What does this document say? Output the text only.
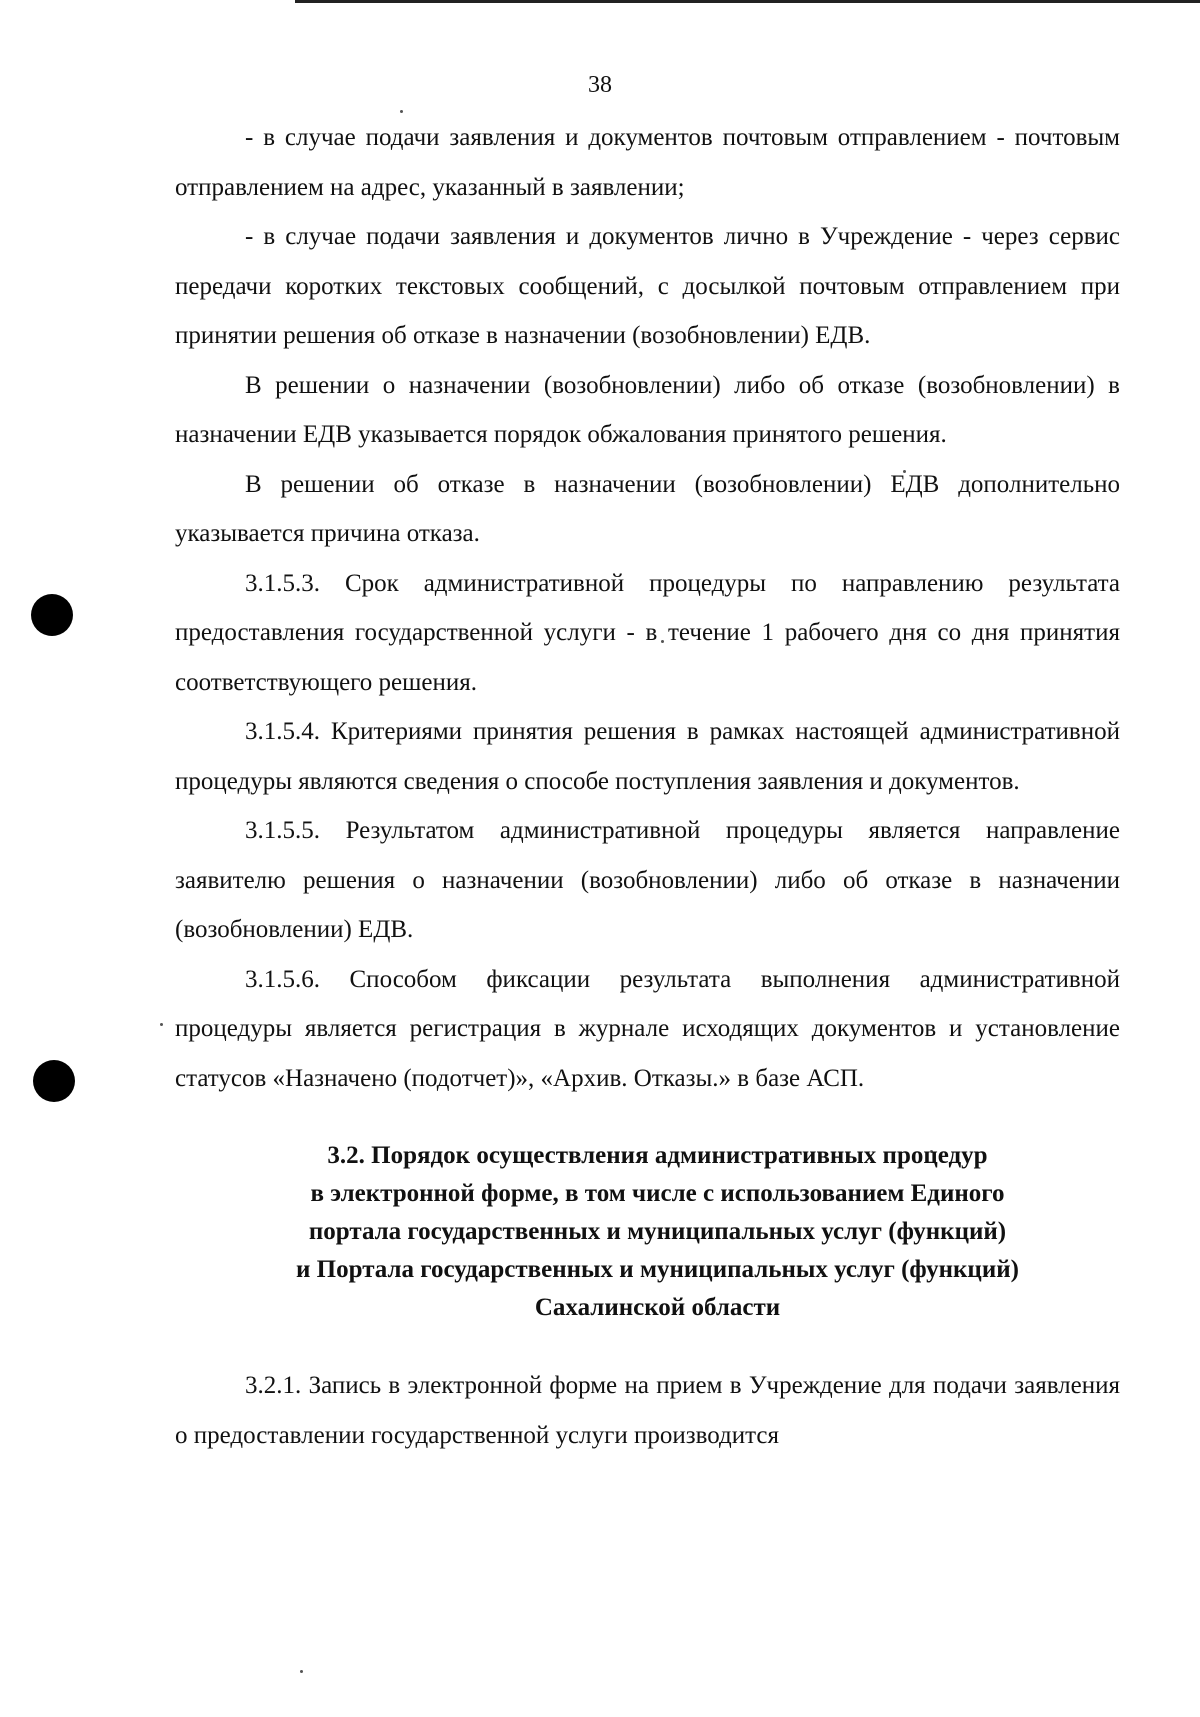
38

- в случае подачи заявления и документов почтовым отправлением - почтовым отправлением на адрес, указанный в заявлении;

- в случае подачи заявления и документов лично в Учреждение - через сервис передачи коротких текстовых сообщений, с досылкой почтовым отправлением при принятии решения об отказе в назначении (возобновлении) ЕДВ.

В решении о назначении (возобновлении) либо об отказе (возобновлении) в назначении ЕДВ указывается порядок обжалования принятого решения.

В решении об отказе в назначении (возобновлении) ЕДВ дополнительно указывается причина отказа.

3.1.5.3. Срок административной процедуры по направлению результата предоставления государственной услуги - в течение 1 рабочего дня со дня принятия соответствующего решения.

3.1.5.4. Критериями принятия решения в рамках настоящей административной процедуры являются сведения о способе поступления заявления и документов.

3.1.5.5. Результатом административной процедуры является направление заявителю решения о назначении (возобновлении) либо об отказе в назначении (возобновлении) ЕДВ.

3.1.5.6. Способом фиксации результата выполнения административной процедуры является регистрация в журнале исходящих документов и установление статусов «Назначено (подотчет)», «Архив. Отказы.» в базе АСП.

3.2. Порядок осуществления административных процедур
в электронной форме, в том числе с использованием Единого
портала государственных и муниципальных услуг (функций)
и Портала государственных и муниципальных услуг (функций)
Сахалинской области

3.2.1. Запись в электронной форме на прием в Учреждение для подачи заявления о предоставлении государственной услуги производится
